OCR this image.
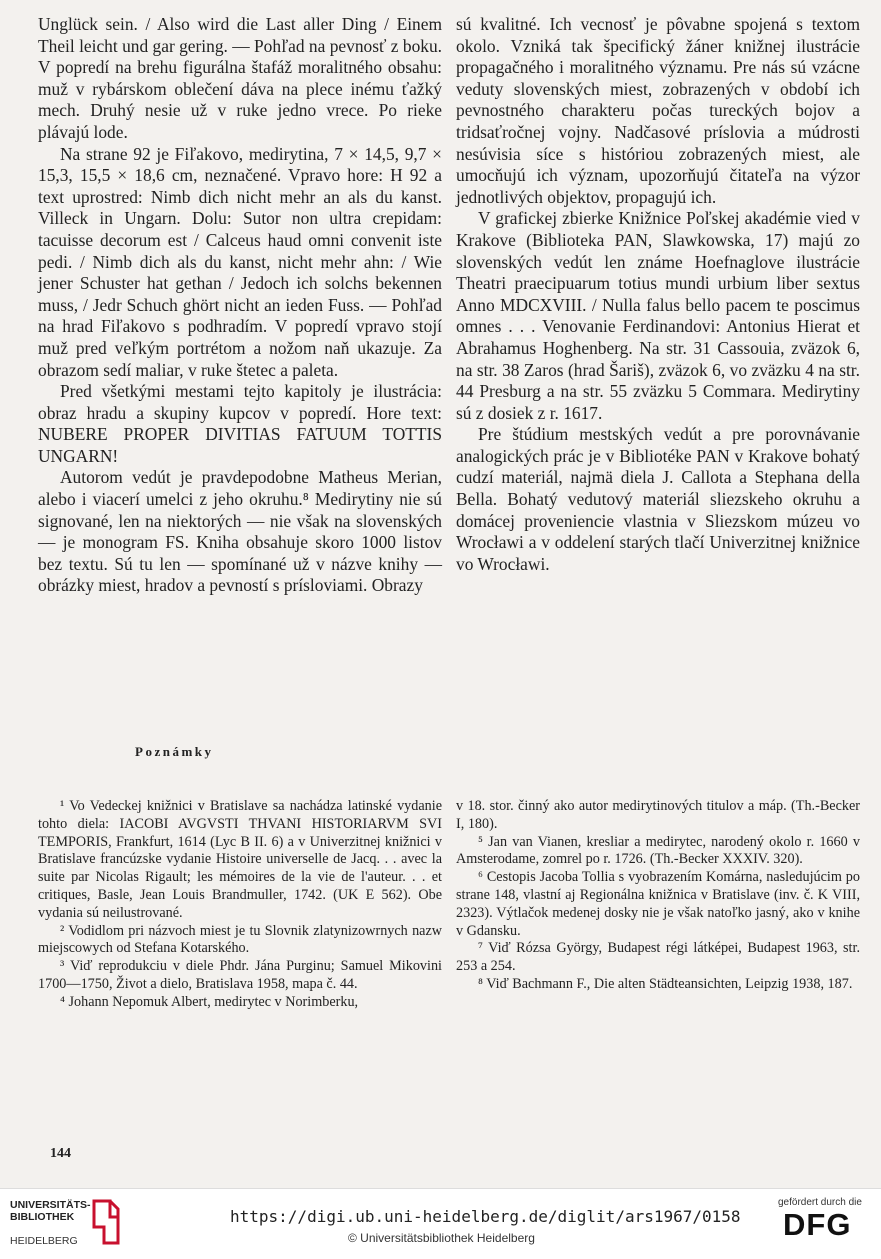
Unglück sein. / Also wird die Last aller Ding / Einem Theil leicht und gar gering. — Pohľad na pevnosť z boku. V popredí na brehu figurálna štafáž moralitného obsahu: muž v rybárskom oblečení dáva na plece inému ťažký mech. Druhý nesie už v ruke jedno vrece. Po rieke plávajú lode.

Na strane 92 je Fiľakovo, medirytina, 7 × 14,5, 9,7 × 15,3, 15,5 × 18,6 cm, neznačené. Vpravo hore: H 92 a text uprostred: Nimb dich nicht mehr an als du kanst. Villeck in Ungarn. Dolu: Sutor non ultra crepidam: tacuisse decorum est / Calceus haud omni convenit iste pedi. / Nimb dich als du kanst, nicht mehr ahn: / Wie jener Schuster hat gethan / Jedoch ich solchs bekennen muss, / Jedr Schuch ghört nicht an ieden Fuss. — Pohľad na hrad Fiľakovo s podhradím. V popredí vpravo stojí muž pred veľkým portrétom a nožom naň ukazuje. Za obrazom sedí maliar, v ruke štetec a paleta.

Pred všetkými mestami tejto kapitoly je ilustrácia: obraz hradu a skupiny kupcov v popredí. Hore text: NUBERE PROPER DIVITIAS FATUUM TOTTIS UNGARN!

Autorom vedút je pravdepodobne Matheus Merian, alebo i viacerí umelci z jeho okruhu.⁸ Medirytiny nie sú signované, len na niektorých — nie však na slovenských — je monogram FS. Kniha obsahuje skoro 1000 listov bez textu. Sú tu len — spomínané už v názve knihy — obrázky miest, hradov a pevností s prísloviami. Obrazy

sú kvalitné. Ich vecnosť je pôvabne spojená s textom okolo. Vzniká tak špecifický žáner knižnej ilustrácie propagačného i moralitného významu. Pre nás sú vzácne veduty slovenských miest, zobrazených v období ich pevnostného charakteru počas tureckých bojov a tridsaťročnej vojny. Nadčasové príslovia a múdrosti nesúvisia síce s históriou zobrazených miest, ale umocňujú ich význam, upozorňujú čitateľa na výzor jednotlivých objektov, propagujú ich.

V grafickej zbierke Knižnice Poľskej akadémie vied v Krakove (Biblioteka PAN, Slawkowska, 17) majú zo slovenských vedút len známe Hoefnaglove ilustrácie Theatri praecipuarum totius mundi urbium liber sextus Anno MDCXVIII. / Nulla falus bello pacem te poscimus omnes . . . Venovanie Ferdinandovi: Antonius Hierat et Abrahamus Hoghenberg. Na str. 31 Cassouia, zväzok 6, na str. 38 Zaros (hrad Šariš), zväzok 6, vo zväzku 4 na str. 44 Presburg a na str. 55 zväzku 5 Commara. Medirytiny sú z dosiek z r. 1617.

Pre štúdium mestských vedút a pre porovnávanie analogických prác je v Bibliotéke PAN v Krakove bohatý cudzí materiál, najmä diela J. Callota a Stephana della Bella. Bohatý vedutový materiál sliezskeho okruhu a domácej proveniencie vlastnia v Sliezskom múzeu vo Wrocławi a v oddelení starých tlačí Univerzitnej knižnice vo Wrocławi.

Poznámky

¹ Vo Vedeckej knižnici v Bratislave sa nachádza latinské vydanie tohto diela: IACOBI AVGVSTI THVANI HISTORIARVM SVI TEMPORIS, Frankfurt, 1614 (Lyc B II. 6) a v Univerzitnej knižnici v Bratislave francúzske vydanie Histoire universelle de Jacq. . . avec la suite par Nicolas Rigault; les mémoires de la vie de l'auteur. . . et critiques, Basle, Jean Louis Brandmuller, 1742. (UK E 562). Obe vydania sú neilustrované.

² Vodidlom pri názvoch miest je tu Slovnik zlatynizowrnych nazw miejscowych od Stefana Kotarského.

³ Viď reprodukciu v diele Phdr. Jána Purginu; Samuel Mikovini 1700—1750, Život a dielo, Bratislava 1958, mapa č. 44.

⁴ Johann Nepomuk Albert, medirytec v Norimberku,

v 18. stor. činný ako autor medirytinových titulov a máp. (Th.-Becker I, 180).

⁵ Jan van Vianen, kresliar a medirytec, narodený okolo r. 1660 v Amsterodame, zomrel po r. 1726. (Th.-Becker XXXIV. 320).

⁶ Cestopis Jacoba Tollia s vyobrazením Komárna, nasledujúcim po strane 148, vlastní aj Regionálna knižnica v Bratislave (inv. č. K VIII, 2323). Výtlačok medenej dosky nie je však natoľko jasný, ako v knihe v Gdansku.

⁷ Viď Rózsa György, Budapest régi látképei, Budapest 1963, str. 253 a 254.

⁸ Viď Bachmann F., Die alten Städteansichten, Leipzig 1938, 187.

144
UNIVERSITÄTS-
BIBLIOTHEK
HEIDELBERG
https://digi.ub.uni-heidelberg.de/diglit/ars1967/0158
© Universitätsbibliothek Heidelberg
gefördert durch die
DFG
